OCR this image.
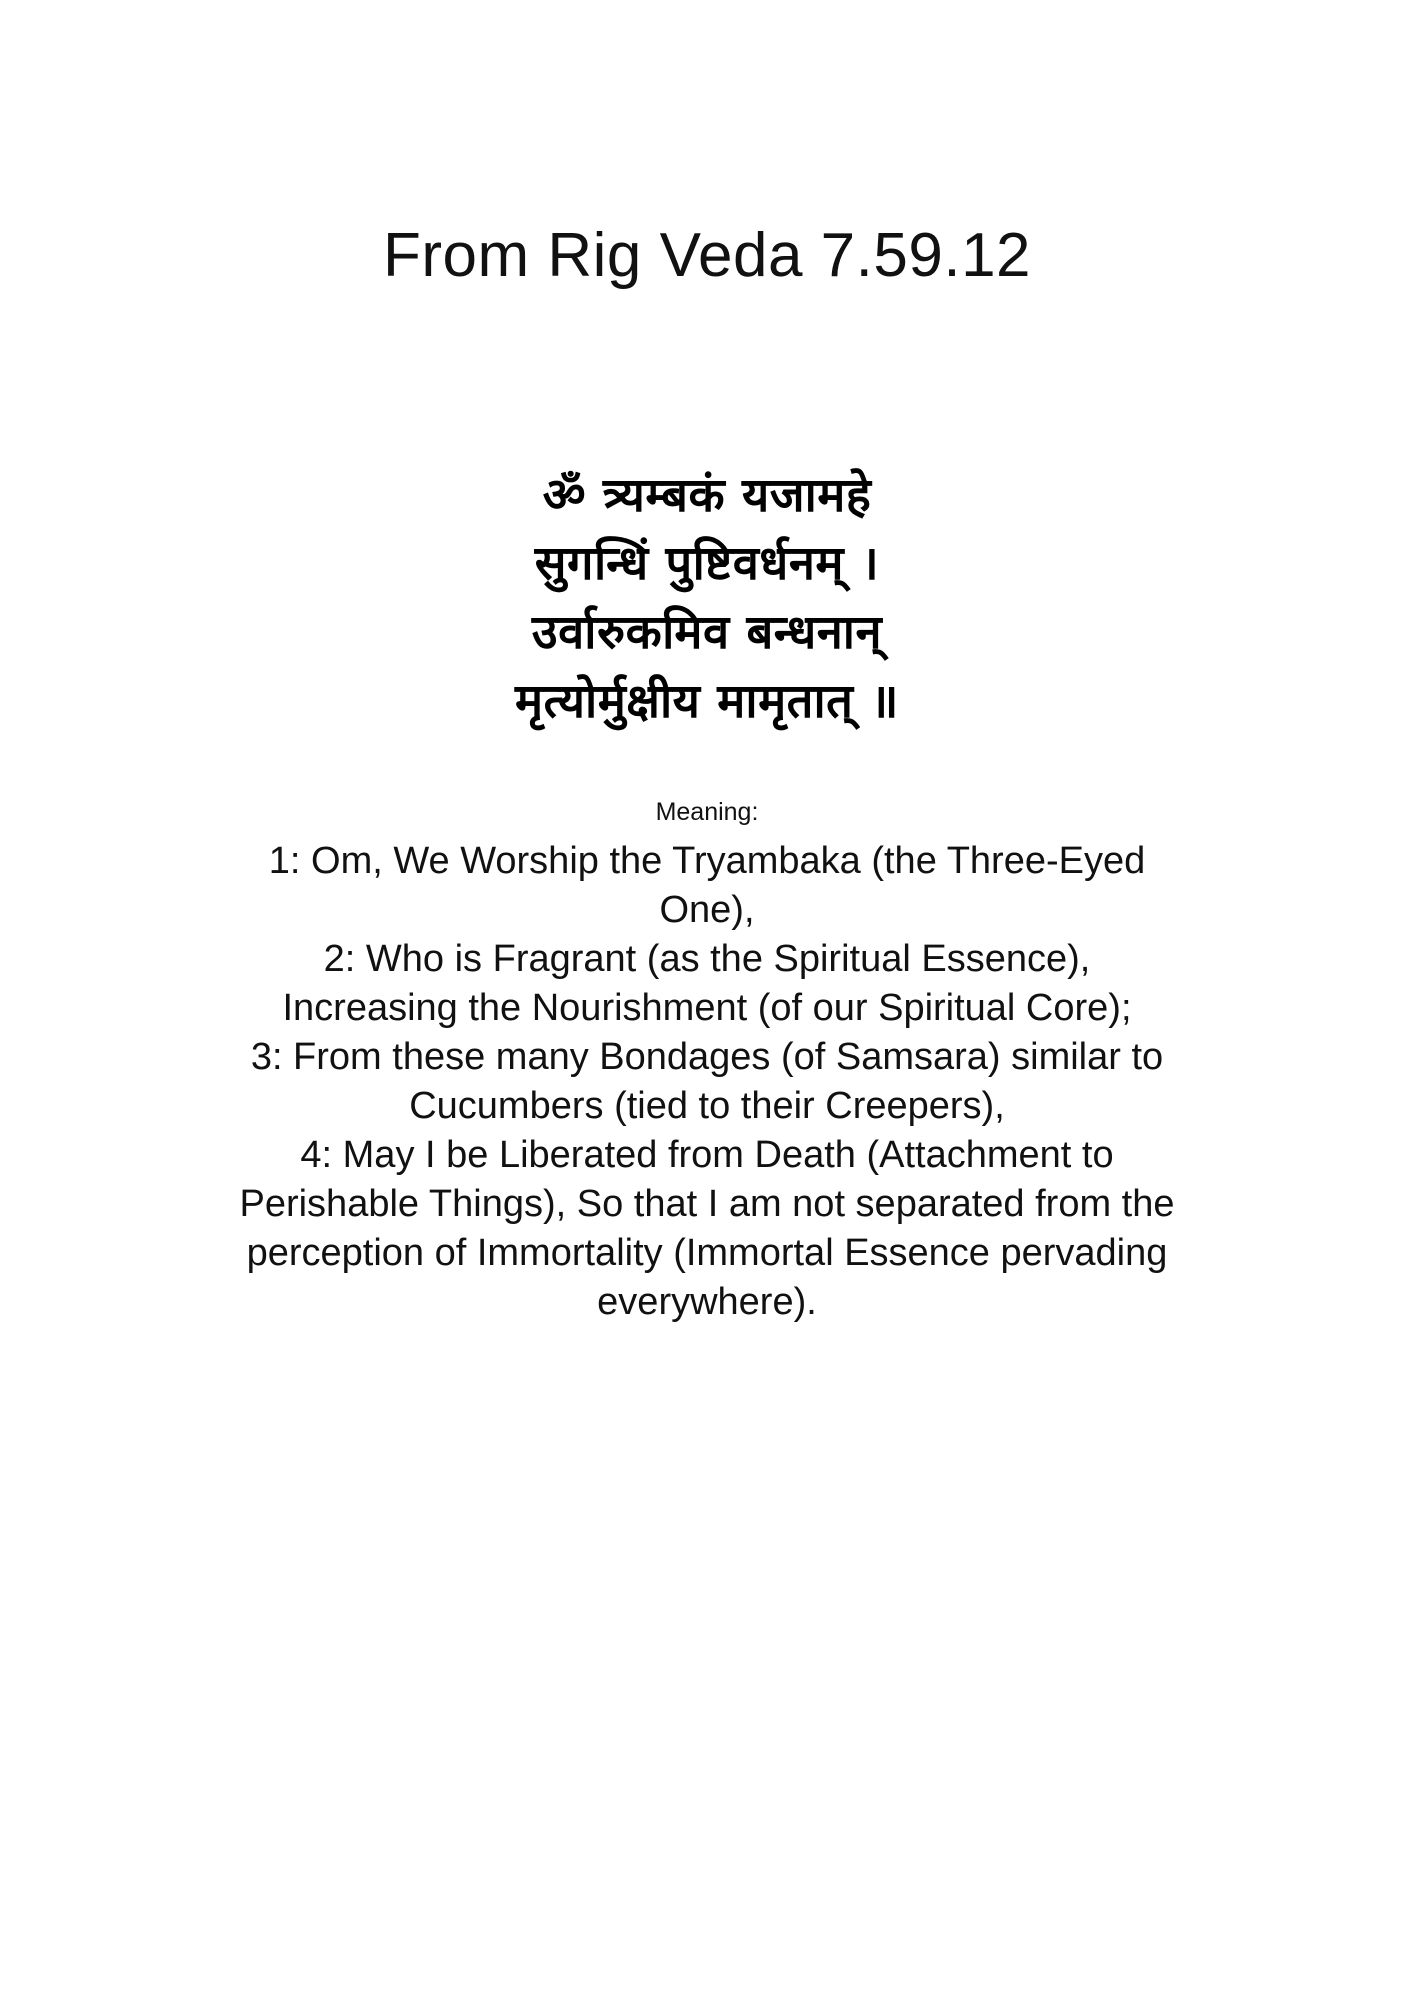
From Rig Veda 7.59.12
ॐ त्र्यम्बकं यजामहे
सुगन्धिं पुष्टिवर्धनम् ।
उर्वारुकमिव बन्धनान्
मृत्योर्मुक्षीय मामृतात् ॥
Meaning:
1: Om, We Worship the Tryambaka (the Three-Eyed
One),
2: Who is Fragrant (as the Spiritual Essence),
Increasing the Nourishment (of our Spiritual Core);
3: From these many Bondages (of Samsara) similar to
Cucumbers (tied to their Creepers),
4: May I be Liberated from Death (Attachment to
Perishable Things), So that I am not separated from the
perception of Immortality (Immortal Essence pervading
everywhere).
